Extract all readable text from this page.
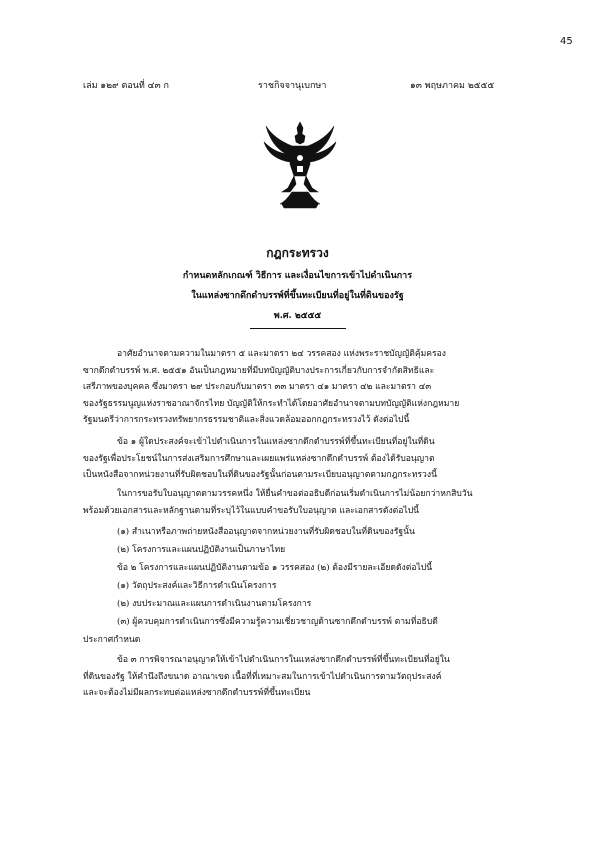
45
เล่ม ๑๒๙ ตอนที่ ๔๓ ก	ราชกิจจานุเบกษา	๑๓ พฤษภาคม ๒๕๕๕
กฎกระทรวง
กำหนดหลักเกณฑ์ วิธีการ และเงื่อนไขการเข้าไปดำเนินการ
ในแหล่งซากดึกดำบรรพ์ที่ขึ้นทะเบียนที่อยู่ในที่ดินของรัฐ
พ.ศ. ๒๕๕๕

อาศัยอำนาจตามความในมาตรา ๕ และมาตรา ๒๔ วรรคสอง แห่งพระราชบัญญัติคุ้มครอง

ซากดึกดำบรรพ์ พ.ศ. ๒๕๕๑ อันเป็นกฎหมายที่มีบทบัญญัติบางประการเกี่ยวกับการจำกัดสิทธิและ

เสรีภาพของบุคคล ซึ่งมาตรา ๒๙ ประกอบกับมาตรา ๓๓ มาตรา ๔๑ มาตรา ๔๒ และมาตรา ๔๓

ของรัฐธรรมนูญแห่งราชอาณาจักรไทย บัญญัติให้กระทำได้โดยอาศัยอำนาจตามบทบัญญัติแห่งกฎหมาย

รัฐมนตรีว่าการกระทรวงทรัพยากรธรรมชาติและสิ่งแวดล้อมออกกฎกระทรวงไว้ ดังต่อไปนี้

ข้อ ๑ ผู้ใดประสงค์จะเข้าไปดำเนินการในแหล่งซากดึกดำบรรพ์ที่ขึ้นทะเบียนที่อยู่ในที่ดิน

ของรัฐเพื่อประโยชน์ในการส่งเสริมการศึกษาและเผยแพร่แหล่งซากดึกดำบรรพ์ ต้องได้รับอนุญาต

เป็นหนังสือจากหน่วยงานที่รับผิดชอบในที่ดินของรัฐนั้นก่อนตามระเบียบอนุญาตตามกฎกระทรวงนี้

ในการขอรับใบอนุญาตตามวรรคหนึ่ง ให้ยื่นคำขอต่ออธิบดีก่อนเริ่มดำเนินการไม่น้อยกว่าหกสิบวัน

พร้อมด้วยเอกสารและหลักฐานตามที่ระบุไว้ในแบบคำขอรับใบอนุญาต และเอกสารดังต่อไปนี้

(๑) สำเนาหรือภาพถ่ายหนังสืออนุญาตจากหน่วยงานที่รับผิดชอบในที่ดินของรัฐนั้น
(๒) โครงการและแผนปฏิบัติงานเป็นภาษาไทย
ข้อ ๒ โครงการและแผนปฏิบัติงานตามข้อ ๑ วรรคสอง (๒) ต้องมีรายละเอียดดังต่อไปนี้
(๑) วัตถุประสงค์และวิธีการดำเนินโครงการ
(๒) งบประมาณและแผนการดำเนินงานตามโครงการ
(๓) ผู้ควบคุมการดำเนินการซึ่งมีความรู้ความเชี่ยวชาญด้านซากดึกดำบรรพ์ ตามที่อธิบดี
ประกาศกำหนด

ข้อ ๓ การพิจารณาอนุญาตให้เข้าไปดำเนินการในแหล่งซากดึกดำบรรพ์ที่ขึ้นทะเบียนที่อยู่ใน

ที่ดินของรัฐ ให้คำนึงถึงขนาด อาณาเขต เนื้อที่ที่เหมาะสมในการเข้าไปดำเนินการตามวัตถุประสงค์

และจะต้องไม่มีผลกระทบต่อแหล่งซากดึกดำบรรพ์ที่ขึ้นทะเบียน
